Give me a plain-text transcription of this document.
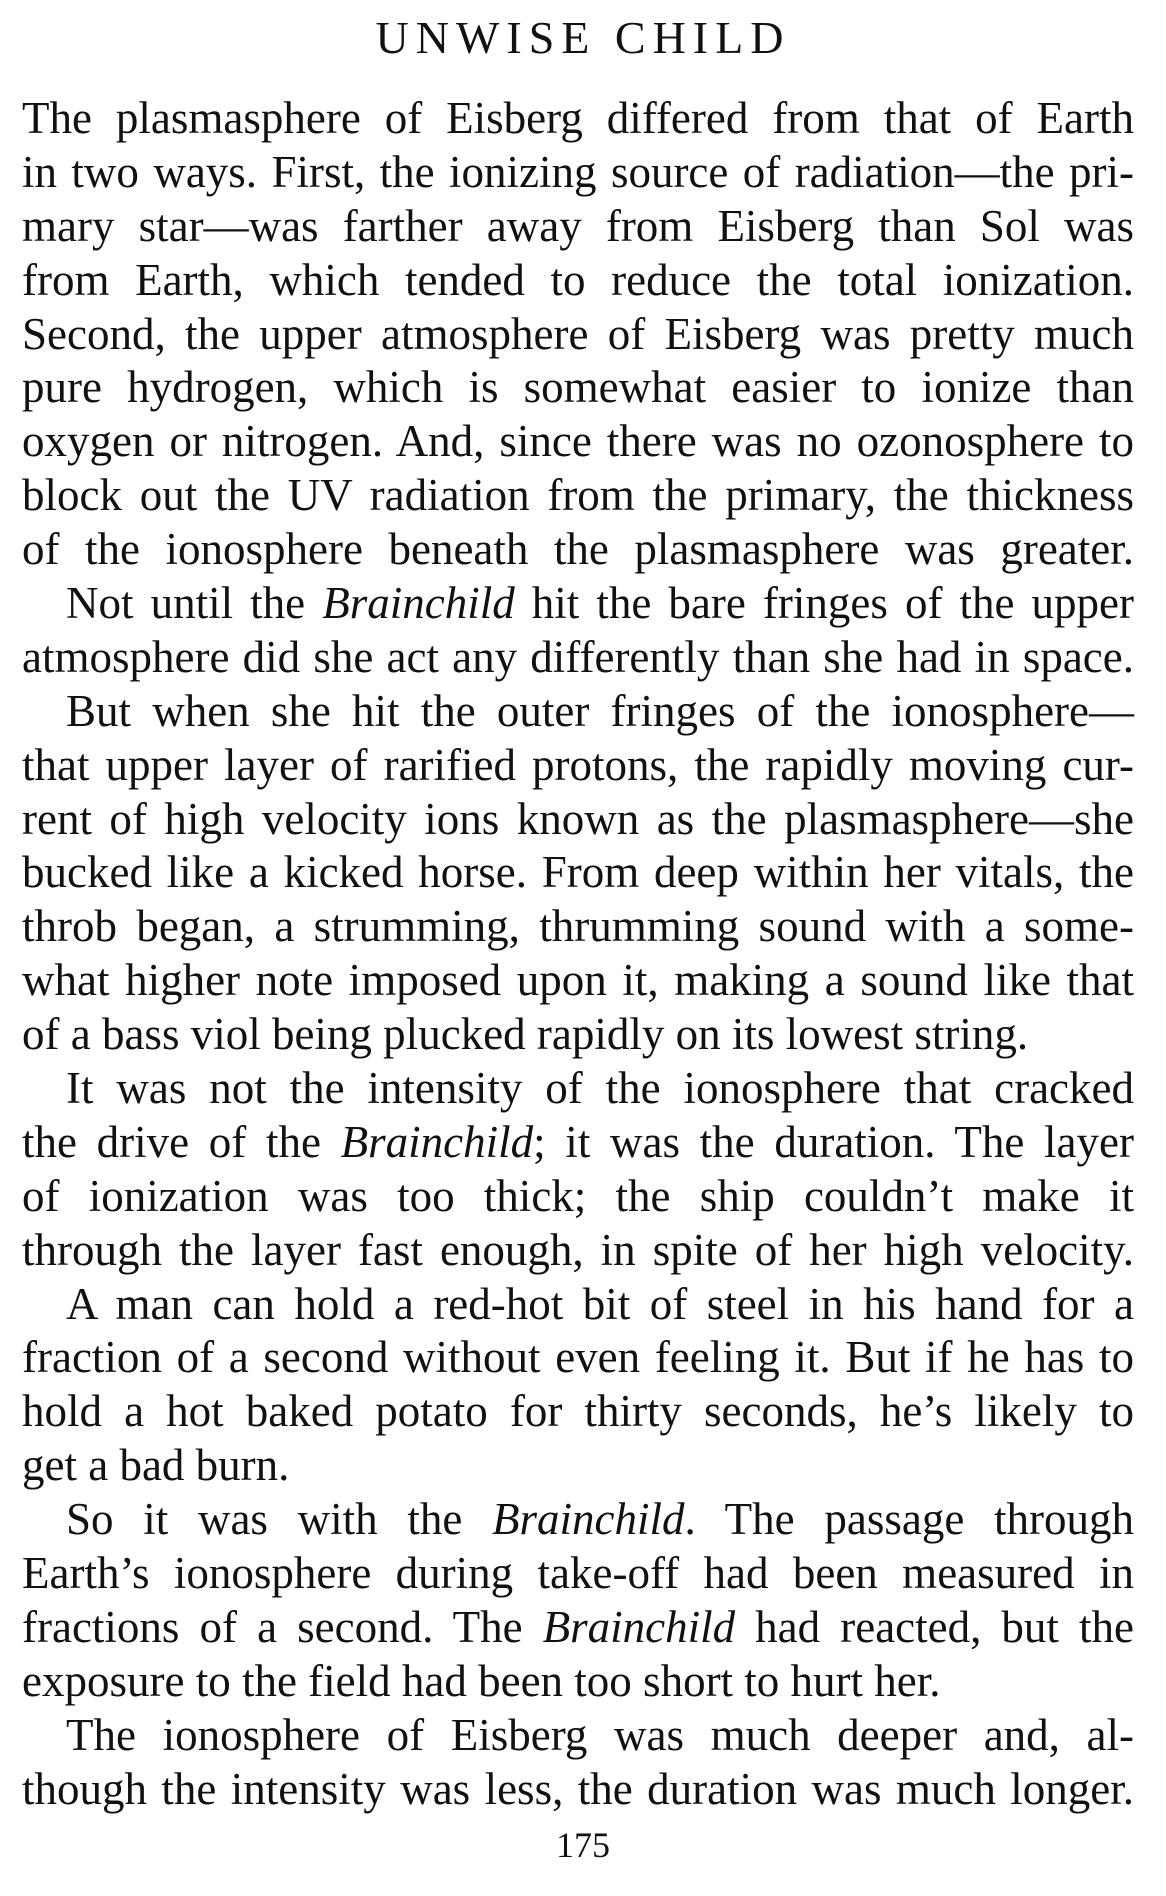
UNWISE CHILD
The plasmasphere of Eisberg differed from that of Earth
in two ways. First, the ionizing source of radiation—the pri-
mary star—was farther away from Eisberg than Sol was
from Earth, which tended to reduce the total ionization.
Second, the upper atmosphere of Eisberg was pretty much
pure hydrogen, which is somewhat easier to ionize than
oxygen or nitrogen. And, since there was no ozonosphere to
block out the UV radiation from the primary, the thickness
of the ionosphere beneath the plasmasphere was greater.
Not until the Brainchild hit the bare fringes of the upper
atmosphere did she act any differently than she had in space.
But when she hit the outer fringes of the ionosphere—
that upper layer of rarified protons, the rapidly moving cur-
rent of high velocity ions known as the plasmasphere—she
bucked like a kicked horse. From deep within her vitals, the
throb began, a strumming, thrumming sound with a some-
what higher note imposed upon it, making a sound like that
of a bass viol being plucked rapidly on its lowest string.
It was not the intensity of the ionosphere that cracked
the drive of the Brainchild; it was the duration. The layer
of ionization was too thick; the ship couldn’t make it
through the layer fast enough, in spite of her high velocity.
A man can hold a red-hot bit of steel in his hand for a
fraction of a second without even feeling it. But if he has to
hold a hot baked potato for thirty seconds, he’s likely to
get a bad burn.
So it was with the Brainchild. The passage through
Earth’s ionosphere during take-off had been measured in
fractions of a second. The Brainchild had reacted, but the
exposure to the field had been too short to hurt her.
The ionosphere of Eisberg was much deeper and, al-
though the intensity was less, the duration was much longer.
175
